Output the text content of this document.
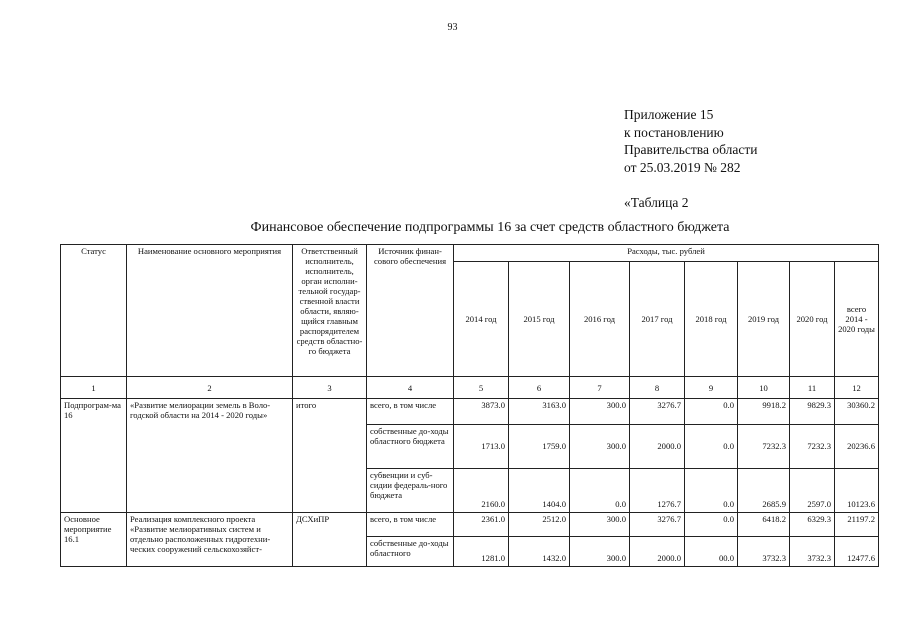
93
Приложение 15
к постановлению
Правительства области
от 25.03.2019 № 282
«Таблица 2
Финансовое обеспечение подпрограммы 16 за счет средств областного бюджета
Статус	Наименование основного мероприятия	Ответственный исполнитель, исполнитель, орган исполни-тельной государ-ственной власти области, являю-щийся главным распорядителем средств областно-го бюджета	Источник финан-сового обеспечения	Расходы, тыс. рублей							
				2014 год	2015 год	2016 год	2017 год	2018 год	2019 год	2020 год	всего 2014 - 2020 годы
1	2	3	4	5	6	7	8	9	10	11	12
Подпрограм-ма 16	«Развитие мелиорации земель в Воло-годской области на 2014 - 2020 годы»	итого	всего, в том числе	3873.0	3163.0	300.0	3276.7	0.0	9918.2	9829.3	30360.2
			собственные до-ходы областного бюджета	1713.0	1759.0	300.0	2000.0	0.0	7232.3	7232.3	20236.6
			субвенции и суб-сидии федераль-ного бюджета	2160.0	1404.0	0.0	1276.7	0.0	2685.9	2597.0	10123.6
Основное мероприятие 16.1	Реализация комплексного проекта «Развитие мелиоративных систем и отдельно расположенных гидротехни-ческих сооружений сельскохозяйст-	ДСХиПР	всего, в том числе	2361.0	2512.0	300.0	3276.7	0.0	6418.2	6329.3	21197.2
			собственные до-ходы областного	1281.0	1432.0	300.0	2000.0	00.0	3732.3	3732.3	12477.6
